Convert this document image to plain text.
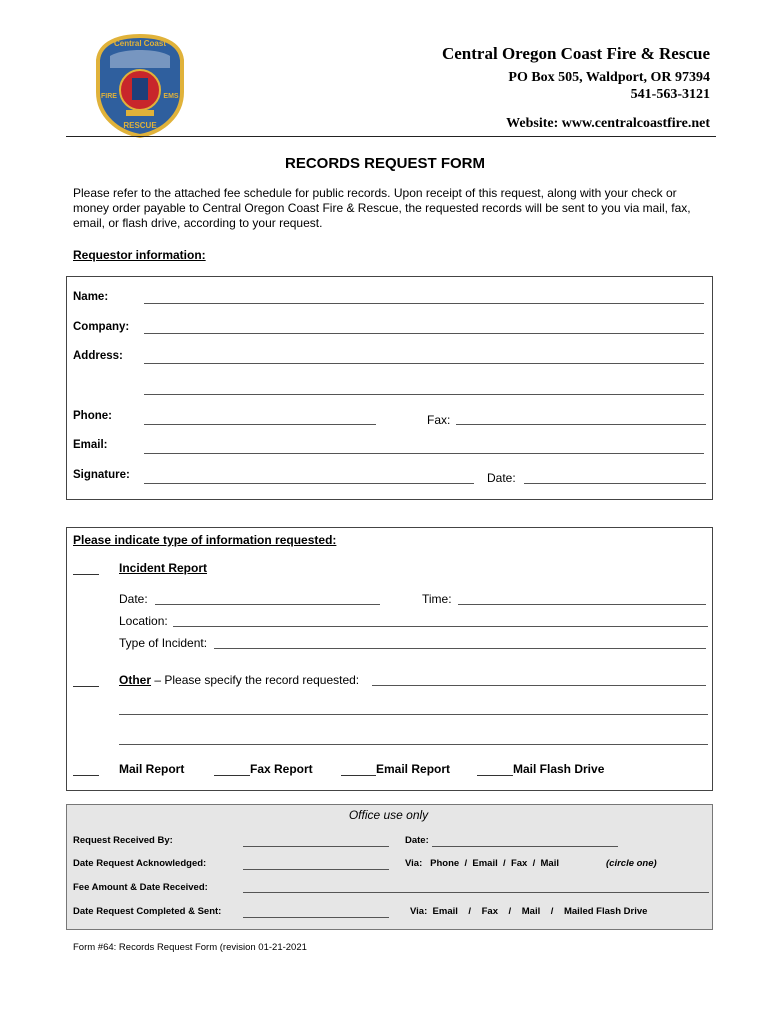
Central Coast
FIRE	EMS
RESCUE
Central Oregon Coast Fire & Rescue
PO Box 505, Waldport, OR 97394
541-563-3121
Website: www.centralcoastfire.net
RECORDS REQUEST FORM
Please refer to the attached fee schedule for public records. Upon receipt of this request, along with your check or money order payable to Central Oregon Coast Fire & Rescue, the requested records will be sent to you via mail, fax, email, or flash drive, according to your request.
Requestor information:
Name:
Company:
Address:
Phone:	Fax:
Email:
Signature:	Date:
Please indicate type of information requested:
Incident Report
Date:	Time:
Location:
Type of Incident:
Other – Please specify the record requested:
Mail Report	Fax Report	Email Report	Mail Flash Drive
Office use only
Request Received By:	Date:
Date Request Acknowledged:	Via:   Phone  /  Email  /  Fax  /  Mail	(circle one)
Fee Amount & Date Received:
Date Request Completed & Sent:	Via:  Email    /    Fax    /    Mail    /    Mailed Flash Drive
Form #64: Records Request Form (revision 01-21-2021
